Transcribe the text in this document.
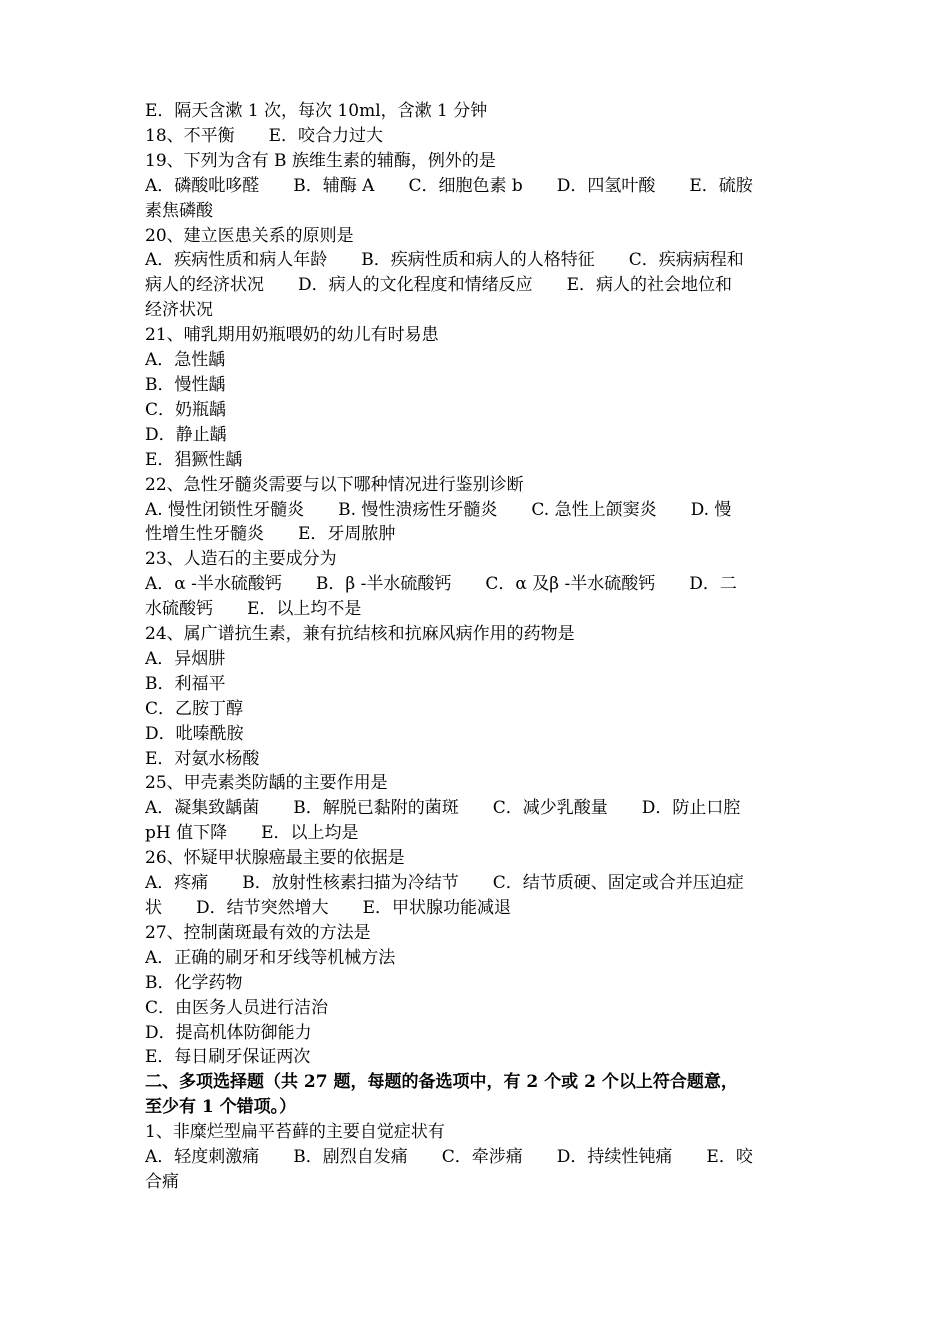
E．隔天含漱 1 次，每次 10ml，含漱 1 分钟
18、不平衡　　E．咬合力过大
19、下列为含有 B 族维生素的辅酶，例外的是
A．磷酸吡哆醛　　B．辅酶 A　　C．细胞色素 b　　D．四氢叶酸　　E．硫胺
素焦磷酸
20、建立医患关系的原则是
A．疾病性质和病人年龄　　B．疾病性质和病人的人格特征　　C．疾病病程和
病人的经济状况　　D．病人的文化程度和情绪反应　　E．病人的社会地位和
经济状况
21、哺乳期用奶瓶喂奶的幼儿有时易患
A．急性龋
B．慢性龋
C．奶瓶龋
D．静止龋
E．猖獗性龋
22、急性牙髓炎需要与以下哪种情况进行鉴别诊断
A. 慢性闭锁性牙髓炎　　B. 慢性溃疡性牙髓炎　　C. 急性上颌窦炎　　D. 慢
性增生性牙髓炎　　E．牙周脓肿
23、人造石的主要成分为
A．α -半水硫酸钙　　B．β -半水硫酸钙　　C．α 及β -半水硫酸钙　　D．二
水硫酸钙　　E．以上均不是
24、属广谱抗生素，兼有抗结核和抗麻风病作用的药物是
A．异烟肼
B．利福平
C．乙胺丁醇
D．吡嗪酰胺
E．对氨水杨酸
25、甲壳素类防龋的主要作用是
A．凝集致龋菌　　B．解脱已黏附的菌斑　　C．减少乳酸量　　D．防止口腔
pH 值下降　　E．以上均是
26、怀疑甲状腺癌最主要的依据是
A．疼痛　　B．放射性核素扫描为冷结节　　C．结节质硬、固定或合并压迫症
状　　D．结节突然增大　　E．甲状腺功能减退
27、控制菌斑最有效的方法是
A．正确的刷牙和牙线等机械方法
B．化学药物
C．由医务人员进行洁治
D．提高机体防御能力
E．每日刷牙保证两次
二、多项选择题（共 27 题，每题的备选项中，有 2 个或 2 个以上符合题意，
至少有 1 个错项。）
1、非糜烂型扁平苔藓的主要自觉症状有
A．轻度刺激痛　　B．剧烈自发痛　　C．牵涉痛　　D．持续性钝痛　　E．咬
合痛
